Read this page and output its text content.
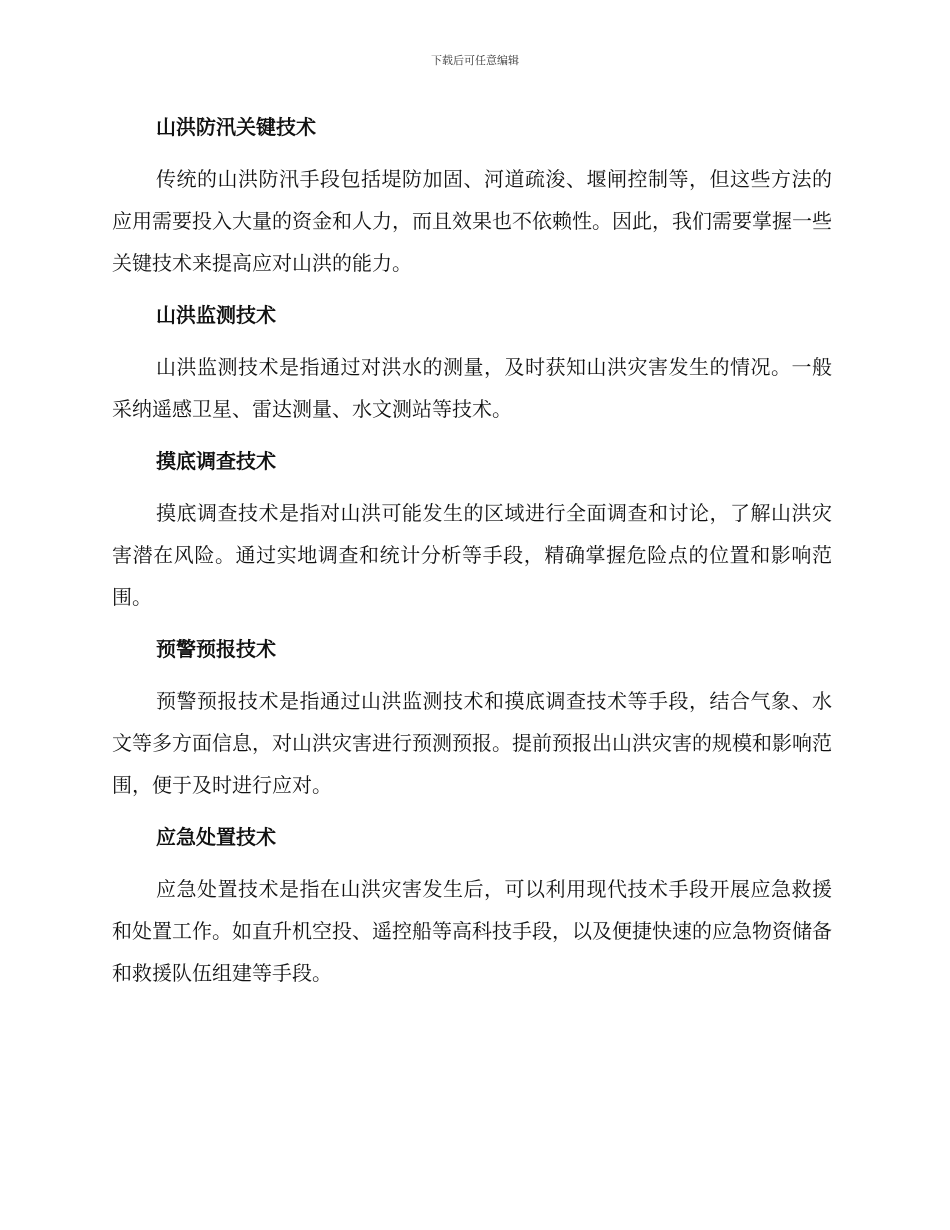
下载后可任意编辑
山洪防汛关键技术

传统的山洪防汛手段包括堤防加固、河道疏浚、堰闸控制等，但这些方法的应用需要投入大量的资金和人力，而且效果也不依赖性。因此，我们需要掌握一些关键技术来提高应对山洪的能力。

山洪监测技术

山洪监测技术是指通过对洪水的测量，及时获知山洪灾害发生的情况。一般采纳遥感卫星、雷达测量、水文测站等技术。

摸底调查技术

摸底调查技术是指对山洪可能发生的区域进行全面调查和讨论，了解山洪灾害潜在风险。通过实地调查和统计分析等手段，精确掌握危险点的位置和影响范围。

预警预报技术

预警预报技术是指通过山洪监测技术和摸底调查技术等手段，结合气象、水文等多方面信息，对山洪灾害进行预测预报。提前预报出山洪灾害的规模和影响范围，便于及时进行应对。

应急处置技术

应急处置技术是指在山洪灾害发生后，可以利用现代技术手段开展应急救援和处置工作。如直升机空投、遥控船等高科技手段，以及便捷快速的应急物资储备和救援队伍组建等手段。
